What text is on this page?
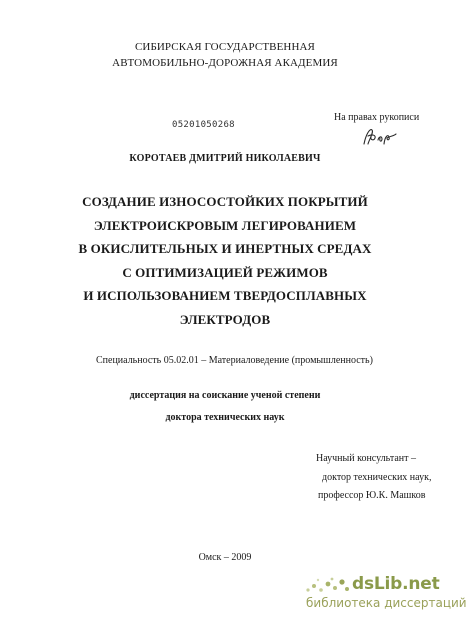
СИБИРСКАЯ ГОСУДАРСТВЕННАЯ
АВТОМОБИЛЬНО-ДОРОЖНАЯ АКАДЕМИЯ
05201050268
На правах рукописи
КОРОТАЕВ ДМИТРИЙ НИКОЛАЕВИЧ
СОЗДАНИЕ ИЗНОСОСТОЙКИХ ПОКРЫТИЙ
ЭЛЕКТРОИСКРОВЫМ ЛЕГИРОВАНИЕМ
В ОКИСЛИТЕЛЬНЫХ И ИНЕРТНЫХ СРЕДАХ
С ОПТИМИЗАЦИЕЙ РЕЖИМОВ
И ИСПОЛЬЗОВАНИЕМ ТВЕРДОСПЛАВНЫХ
ЭЛЕКТРОДОВ
Специальность 05.02.01 – Материаловедение (промышленность)
диссертация на соискание ученой степени
доктора технических наук
Научный консультант –
доктор технических наук,
профессор Ю.К. Машков
Омск – 2009
dsLib.net
библиотека диссертаций
